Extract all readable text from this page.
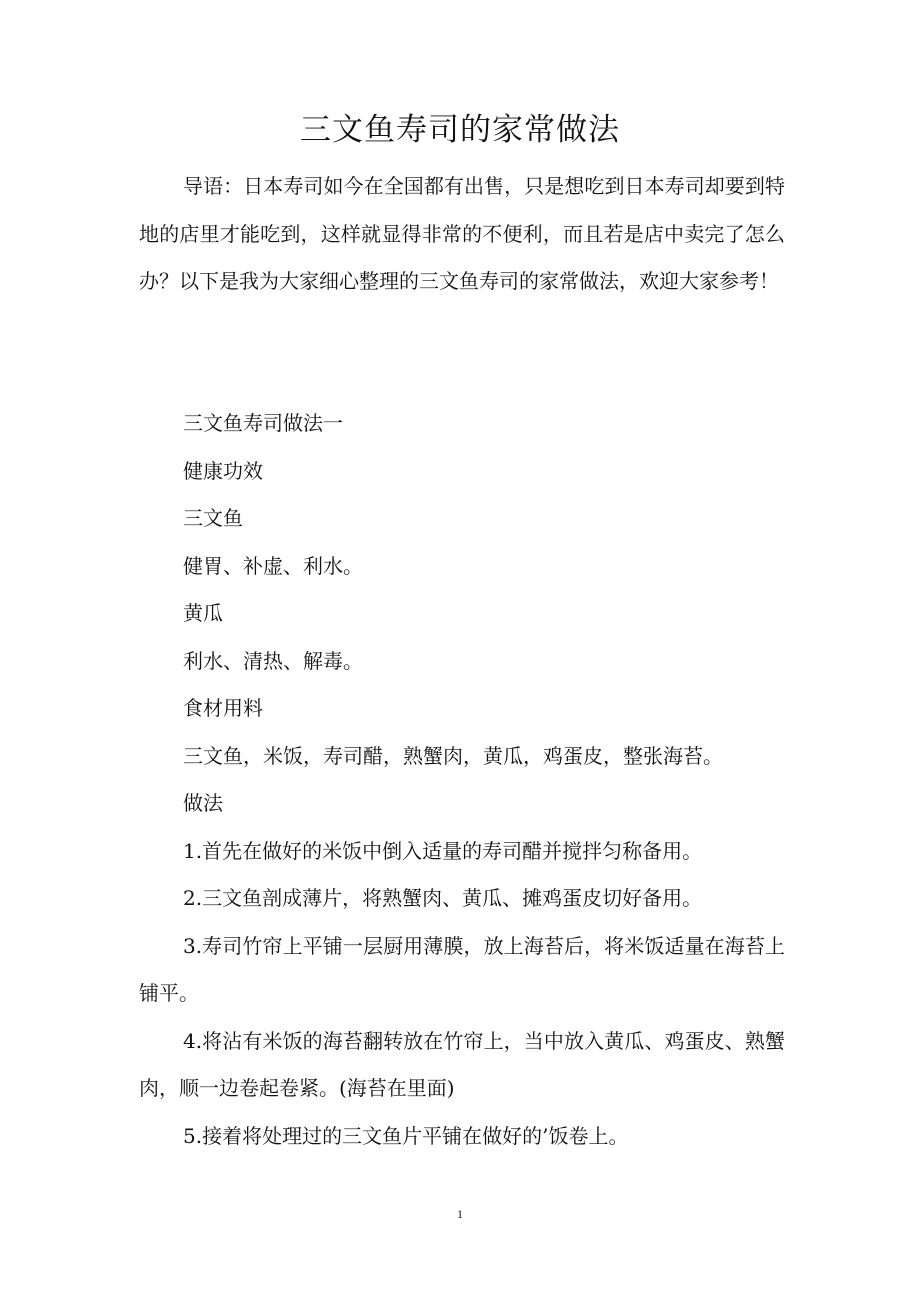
三文鱼寿司的家常做法

导语：日本寿司如今在全国都有出售，只是想吃到日本寿司却要到特地的店里才能吃到，这样就显得非常的不便利，而且若是店中卖完了怎么办？以下是我为大家细心整理的三文鱼寿司的家常做法，欢迎大家参考！

三文鱼寿司做法一

健康功效

三文鱼

健胃、补虚、利水。

黄瓜

利水、清热、解毒。

食材用料

三文鱼，米饭，寿司醋，熟蟹肉，黄瓜，鸡蛋皮，整张海苔。

做法

1.首先在做好的米饭中倒入适量的寿司醋并搅拌匀称备用。

2.三文鱼剖成薄片，将熟蟹肉、黄瓜、摊鸡蛋皮切好备用。

3.寿司竹帘上平铺一层厨用薄膜，放上海苔后，将米饭适量在海苔上铺平。

4.将沾有米饭的海苔翻转放在竹帘上，当中放入黄瓜、鸡蛋皮、熟蟹肉，顺一边卷起卷紧。(海苔在里面)

5.接着将处理过的三文鱼片平铺在做好的’饭卷上。

1
